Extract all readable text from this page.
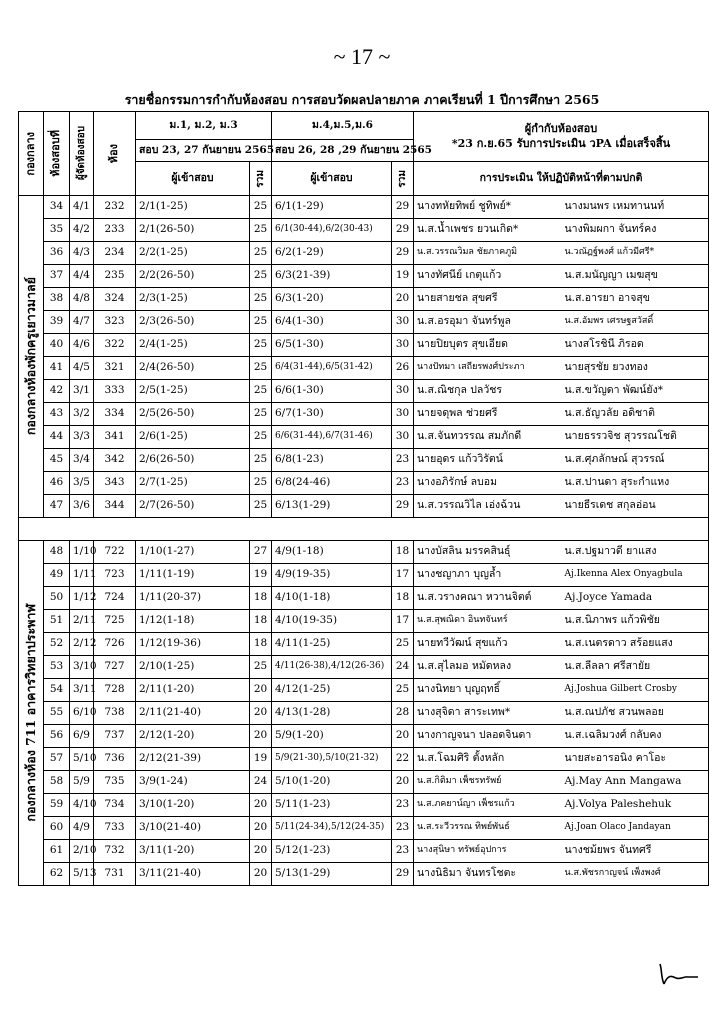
~ 17 ~
รายชื่อกรรมการกำกับห้องสอบ การสอบวัดผลปลายภาค ภาคเรียนที่ 1 ปีการศึกษา 2565
กองกลาง	ห้องสอบที่	ผู้จัดห้องสอบ	ห้อง	ม.1, ม.2, ม.3		ม.4,ม.5,ม.6		ผู้กำกับห้องสอบ
*23 ก.ย.65 รับการประเมิน วPA เมื่อเสร็จสิ้น	

				สอบ 23, 27 กันยายน 2565		สอบ 26, 28 ,29 กันยายน 2565			
				ผู้เข้าสอบ	รวม	ผู้เข้าสอบ	รวม	การประเมิน ให้ปฏิบัติหน้าที่ตามปกติ	

กองกลางห้องพักครูเยาวมาลย์	34	4/1	232	2/1(1-25)	25	6/1(1-29)	29	นางทหัยทิพย์ ชูทิพย์*	นางมนพร เหมทานนท์
	35	4/2	233	2/1(26-50)	25	6/1(30-44),6/2(30-43)	29	น.ส.น้ำเพชร ยวนเกิด*	นางพิมผกา จันทร์คง
	36	4/3	234	2/2(1-25)	25	6/2(1-29)	29	น.ส.วรรณวิมล ชัยภาคภูมิ	น.วณัฏฐ์พงศ์ แก้วมีศรี*
	37	4/4	235	2/2(26-50)	25	6/3(21-39)	19	นางทัศนีย์ เกตุแก้ว	น.ส.มนัญญา เมฆสุข
	38	4/8	324	2/3(1-25)	25	6/3(1-20)	20	นายสายชล สุขศรี	น.ส.อารยา อาจสุข
	39	4/7	323	2/3(26-50)	25	6/4(1-30)	30	น.ส.อรอุมา จันทร์พูล	น.ส.อัมพร เศรษฐสวัสดิ์
	40	4/6	322	2/4(1-25)	25	6/5(1-30)	30	นายปิยบุตร สุขเอียด	นางสโรชินี ภิรอด
	41	4/5	321	2/4(26-50)	25	6/4(31-44),6/5(31-42)	26	นางปัทมา เสถียรพงศ์ประภา	นายสุรชัย ยวงทอง
	42	3/1	333	2/5(1-25)	25	6/6(1-30)	30	น.ส.ณิชกุล ปลวัชร	น.ส.ขวัญดา พัฒน์ยัง*
	43	3/2	334	2/5(26-50)	25	6/7(1-30)	30	นายจดุพล ช่วยศรี	น.ส.ธัญวลัย อดิชาติ
	44	3/3	341	2/6(1-25)	25	6/6(31-44),6/7(31-46)	30	น.ส.จันทวรรณ สมภักดี	นายธรรวจิช สุวรรณโชติ
	45	3/4	342	2/6(26-50)	25	6/8(1-23)	23	นายอุดร แก้ววิรัตน์	น.ส.ศุภลักษณ์ สุวรรณ์
	46	3/5	343	2/7(1-25)	25	6/8(24-46)	23	นางอภิรักษ์ ลบอม	น.ส.ปานดา สุระกำแหง
	47	3/6	344	2/7(26-50)	25	6/13(1-29)	29	น.ส.วรรณวิไล เอ่งฉ้วน	นายธีรเดช สกุลอ่อน

กองกลางห้อง 711 อาคารวิทยาประพาฬ	48	1/10	722	1/10(1-27)	27	4/9(1-18)	18	นางบัสลิน มรรคสินธุ์	น.ส.ปฐมาวดี ยาแสง
	49	1/11	723	1/11(1-19)	19	4/9(19-35)	17	นางชญาภา บุญล้ำ	Aj.Ikenna Alex Onyagbula
	50	1/12	724	1/11(20-37)	18	4/10(1-18)	18	น.ส.วรางคณา หวานจิตต์	Aj.Joyce Yamada
	51	2/11	725	1/12(1-18)	18	4/10(19-35)	17	น.ส.สุพณิดา อินทจันทร์	น.ส.นิภาพร แก้วพิชัย
	52	2/12	726	1/12(19-36)	18	4/11(1-25)	25	นายทวีวัฒน์ สุขแก้ว	น.ส.เนตรดาว สร้อยแสง
	53	3/10	727	2/10(1-25)	25	4/11(26-38),4/12(26-36)	24	น.ส.สุไลมอ หมัดหลง	น.ส.ลีลลา ศรีสายัย
	54	3/11	728	2/11(1-20)	20	4/12(1-25)	25	นางนิทยา บุญฤทธิ์	Aj.Joshua Gilbert Crosby
	55	6/10	738	2/11(21-40)	20	4/13(1-28)	28	นางสุจิดา สาระเทพ*	น.ส.ณปภัช สวนพลอย
	56	6/9	737	2/12(1-20)	20	5/9(1-20)	20	นางกาญจนา ปลอดจินดา	น.ส.เฉลิมวงศ์ กลับคง
	57	5/10	736	2/12(21-39)	19	5/9(21-30),5/10(21-32)	22	น.ส.โฉมศิริ ตั้งหลัก	นายสะอารอนิง คาโอะ
	58	5/9	735	3/9(1-24)	24	5/10(1-20)	20	น.ส.กิติมา เพ็ชรทรัพย์	Aj.May Ann Mangawa
	59	4/10	734	3/10(1-20)	20	5/11(1-23)	23	น.ส.ภคยาน์ญา เพ็ชรแก้ว	Aj.Volya Paleshehuk
	60	4/9	733	3/10(21-40)	20	5/11(24-34),5/12(24-35)	23	น.ส.ระวีวรรณ ทิพย์พันธ์	Aj.Joan Olaco Jandayan
	61	2/10	732	3/11(1-20)	20	5/12(1-23)	23	นางสุนิษา ทรัพย์อุปการ	นางชม้ยพร จันทศรี
	62	5/13	731	3/11(21-40)	20	5/13(1-29)	29	นางนิธิมา จันทรโชตะ	น.ส.พัชรกาญจน์ เพ็งพงศ์
